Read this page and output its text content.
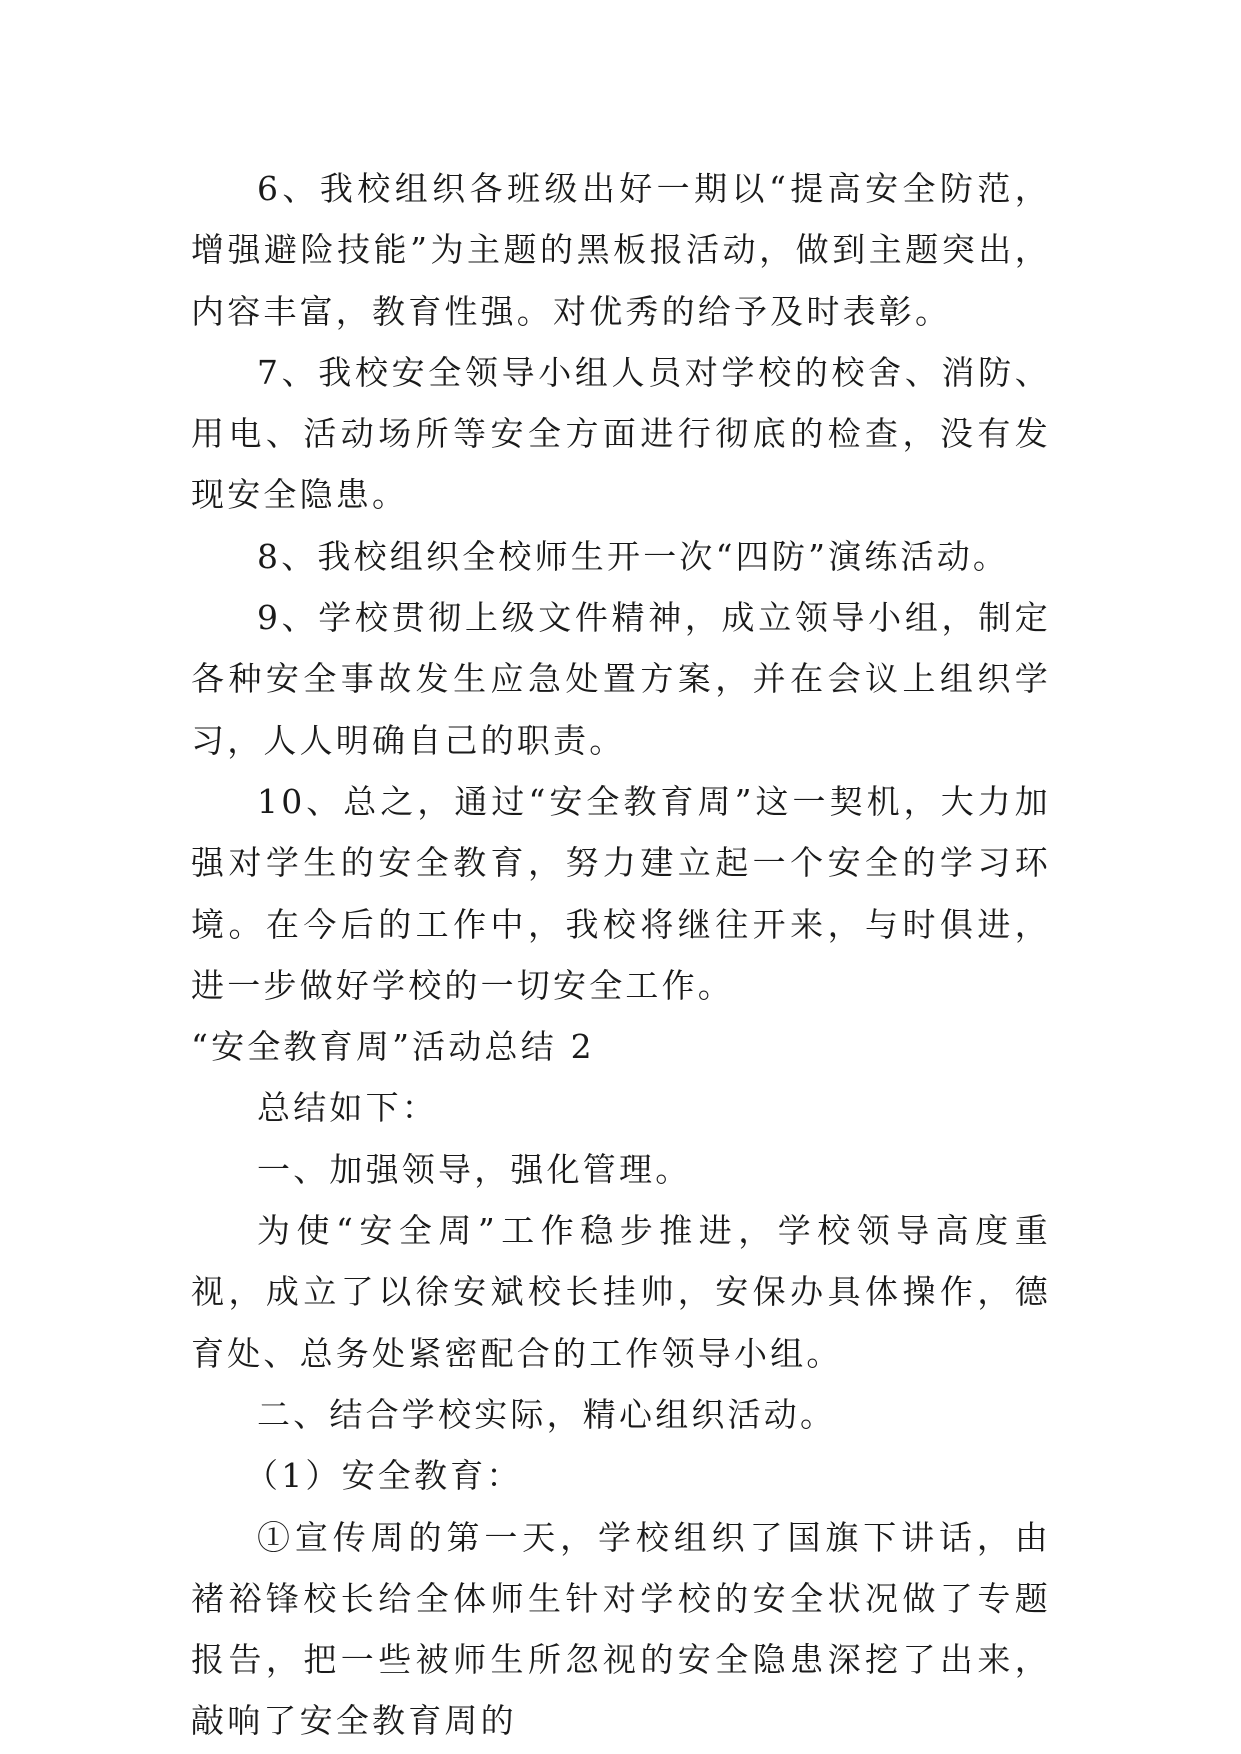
6、我校组织各班级出好一期以“提高安全防范，增强避险技能”为主题的黑板报活动，做到主题突出，内容丰富，教育性强。对优秀的给予及时表彰。

7、我校安全领导小组人员对学校的校舍、消防、用电、活动场所等安全方面进行彻底的检查，没有发现安全隐患。

8、我校组织全校师生开一次“四防”演练活动。

9、学校贯彻上级文件精神，成立领导小组，制定各种安全事故发生应急处置方案，并在会议上组织学习，人人明确自己的职责。

10、总之，通过“安全教育周”这一契机，大力加强对学生的安全教育，努力建立起一个安全的学习环境。在今后的工作中，我校将继往开来，与时俱进，进一步做好学校的一切安全工作。

“安全教育周”活动总结 2

总结如下：

一、加强领导，强化管理。

为使“安全周”工作稳步推进，学校领导高度重视，成立了以徐安斌校长挂帅，安保办具体操作，德育处、总务处紧密配合的工作领导小组。

二、结合学校实际，精心组织活动。

（1）安全教育：

①宣传周的第一天，学校组织了国旗下讲话，由褚裕锋校长给全体师生针对学校的安全状况做了专题报告，把一些被师生所忽视的安全隐患深挖了出来，敲响了安全教育周的
